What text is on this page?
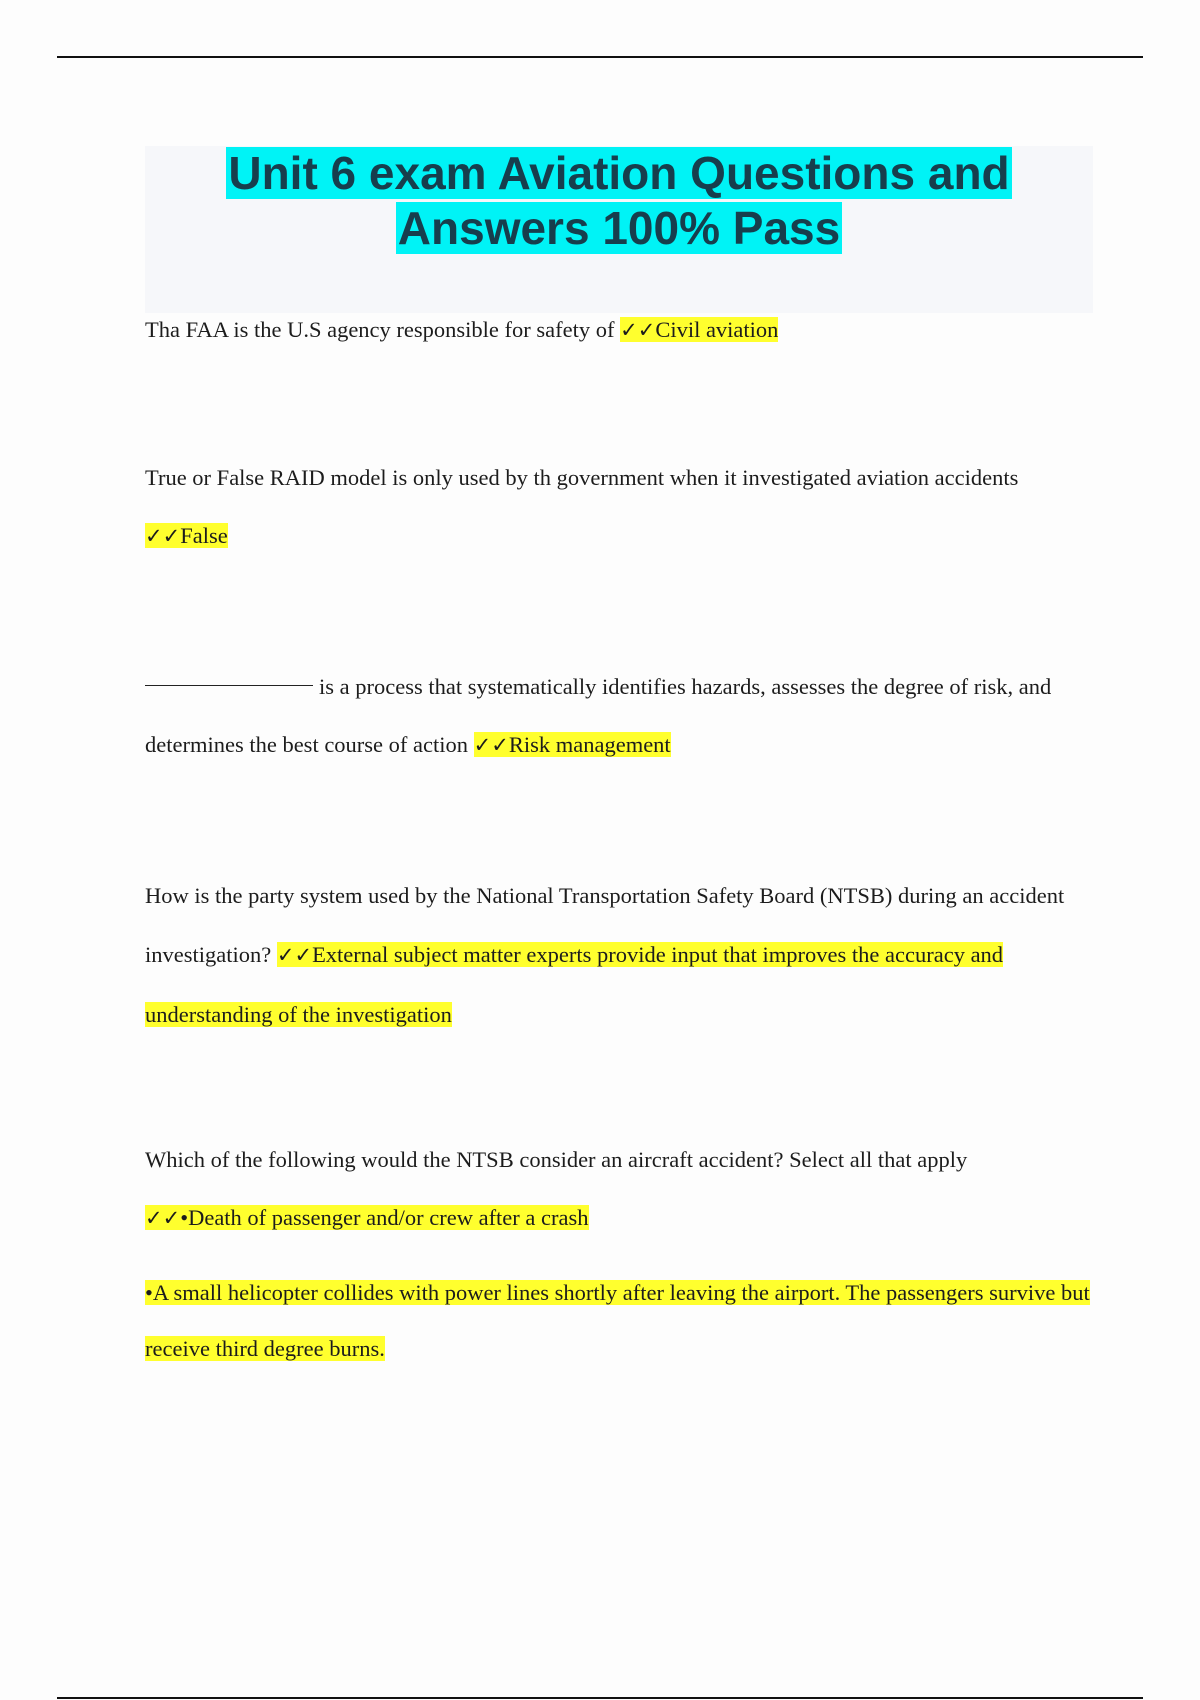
Unit 6 exam Aviation Questions and Answers 100% Pass

Tha FAA is the U.S agency responsible for safety of ✓✓Civil aviation

True or False RAID model is only used by th government when it investigated aviation accidents ✓✓False

is a process that systematically identifies hazards, assesses the degree of risk, and determines the best course of action ✓✓Risk management

How is the party system used by the National Transportation Safety Board (NTSB) during an accident investigation? ✓✓External subject matter experts provide input that improves the accuracy and understanding of the investigation

Which of the following would the NTSB consider an aircraft accident? Select all that apply

✓✓•Death of passenger and/or crew after a crash

•A small helicopter collides with power lines shortly after leaving the airport. The passengers survive but receive third degree burns.
